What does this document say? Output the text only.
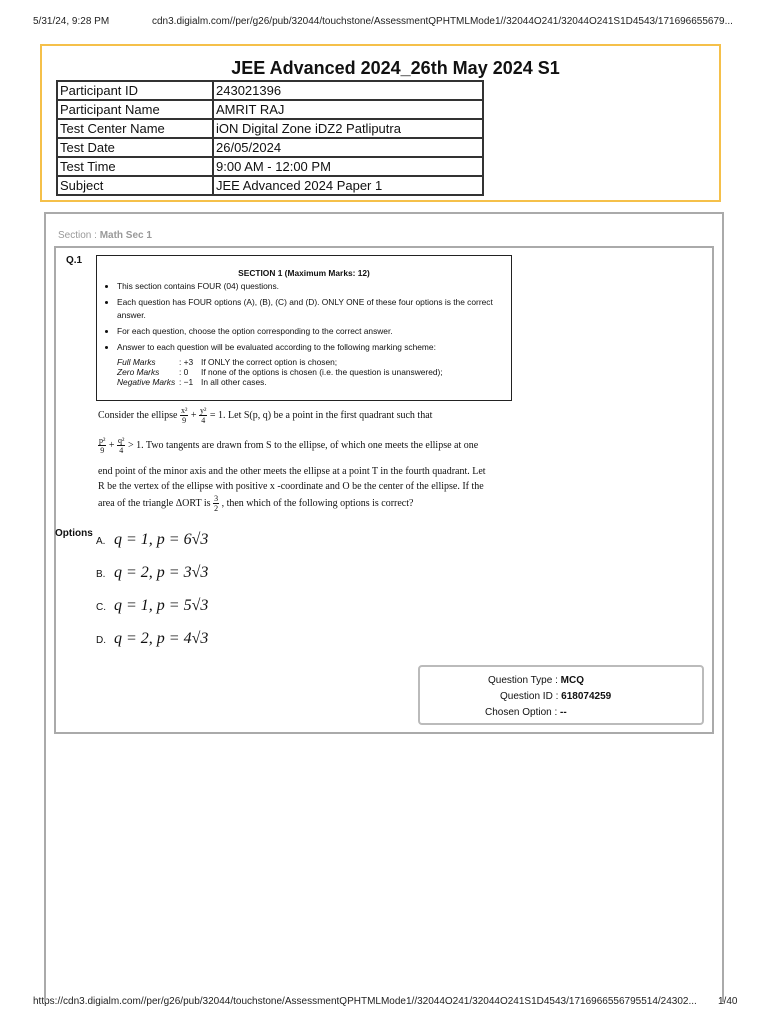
5/31/24, 9:28 PM	cdn3.digialm.com//per/g26/pub/32044/touchstone/AssessmentQPHTMLMode1//32044O241/32044O241S1D4543/171696655679...
https://cdn3.digialm.com//per/g26/pub/32044/touchstone/AssessmentQPHTMLMode1//32044O241/32044O241S1D4543/1716966556795514/24302... 1/40
JEE Advanced 2024_26th May 2024 S1
Participant ID	243021396
Participant Name	AMRIT RAJ
Test Center Name	iON Digital Zone iDZ2 Patliputra
Test Date	26/05/2024
Test Time	9:00 AM - 12:00 PM
Subject	JEE Advanced 2024 Paper 1
Section : Math Sec 1
Q.1
SECTION 1 (Maximum Marks: 12)
• This section contains FOUR (04) questions.
• Each question has FOUR options (A), (B), (C) and (D). ONLY ONE of these four options is the correct answer.
• For each question, choose the option corresponding to the correct answer.
• Answer to each question will be evaluated according to the following marking scheme:
Full Marks	: +3 If ONLY the correct option is chosen;
Zero Marks	: 0	If none of the options is chosen (i.e. the question is unanswered);
Negative Marks : −1 In all other cases.
Consider the ellipse $\frac{\text{x²}}{9} + \frac{\text{y²}}{4} = 1$. Let S(p, q) be a point in the first quadrant such that
$\frac{\text{p²}}{9} + \frac{\text{q²}}{4} > 1$. Two tangents are drawn from S to the ellipse, of which one meets the ellipse at one
end point of the minor axis and the other meets the ellipse at a point T in the fourth quadrant. Let
R be the vertex of the ellipse with positive x -coordinate and O be the center of the ellipse. If the
area of the triangle ΔORT is $\frac{3}{2}$ , then which of the following options is correct?
Options
A. q = 1, p = 6√3
B. q = 2, p = 3√3
C. q = 1, p = 5√3
D. q = 2, p = 4√3
Question Type : MCQ
Question ID : 618074259
Chosen Option : --
